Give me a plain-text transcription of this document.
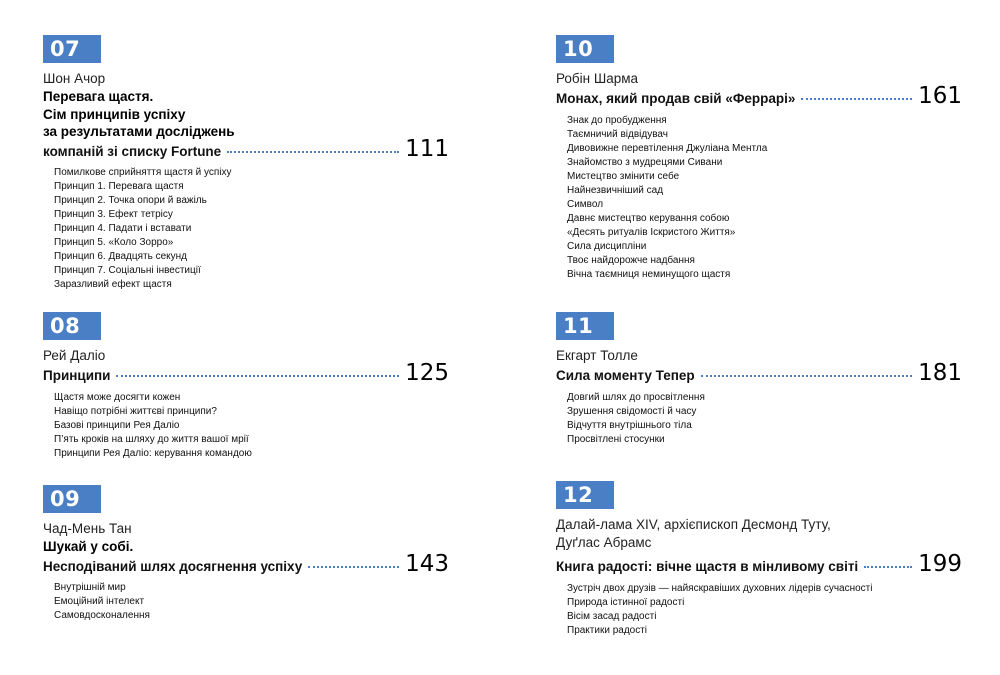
07
Шон Ачор
Перевага щастя.
Сім принципів успіху
за результатами досліджень
компаній зі списку Fortune	111
Помилкове сприйняття щастя й успіху
Принцип 1. Перевага щастя
Принцип 2. Точка опори й важіль
Принцип 3. Ефект тетрісу
Принцип 4. Падати і вставати
Принцип 5. «Коло Зорро»
Принцип 6. Двадцять секунд
Принцип 7. Соціальні інвестиції
Заразливий ефект щастя
08
Рей Даліо
Принципи	125
Щастя може досягти кожен
Навіщо потрібні життєві принципи?
Базові принципи Рея Даліо
П’ять кроків на шляху до життя вашої мрії
Принципи Рея Даліо: керування командою
09
Чад-Мень Тан
Шукай у собі.
Несподіваний шлях досягнення успіху	143
Внутрішній мир
Емоційний інтелект
Самовдосконалення
10
Робін Шарма
Монах, який продав свій «Феррарі»	161
Знак до пробудження
Таємничий відвідувач
Дивовижне перевтілення Джуліана Ментла
Знайомство з мудрецями Сивани
Мистецтво змінити себе
Найнезвичніший сад
Символ
Давнє мистецтво керування собою
«Десять ритуалів Іскристого Життя»
Сила дисципліни
Твоє найдорожче надбання
Вічна таємниця неминущого щастя
11
Екгарт Толле
Сила моменту Тепер	181
Довгий шлях до просвітлення
Зрушення свідомості й часу
Відчуття внутрішнього тіла
Просвітлені стосунки
12
Далай-лама XIV, архієпископ Десмонд Туту,
Дуґлас Абрамс
Книга радості: вічне щастя в мінливому світі	199
Зустріч двох друзів — найяскравіших духовних лідерів сучасності
Природа істинної радості
Вісім засад радості
Практики радості
